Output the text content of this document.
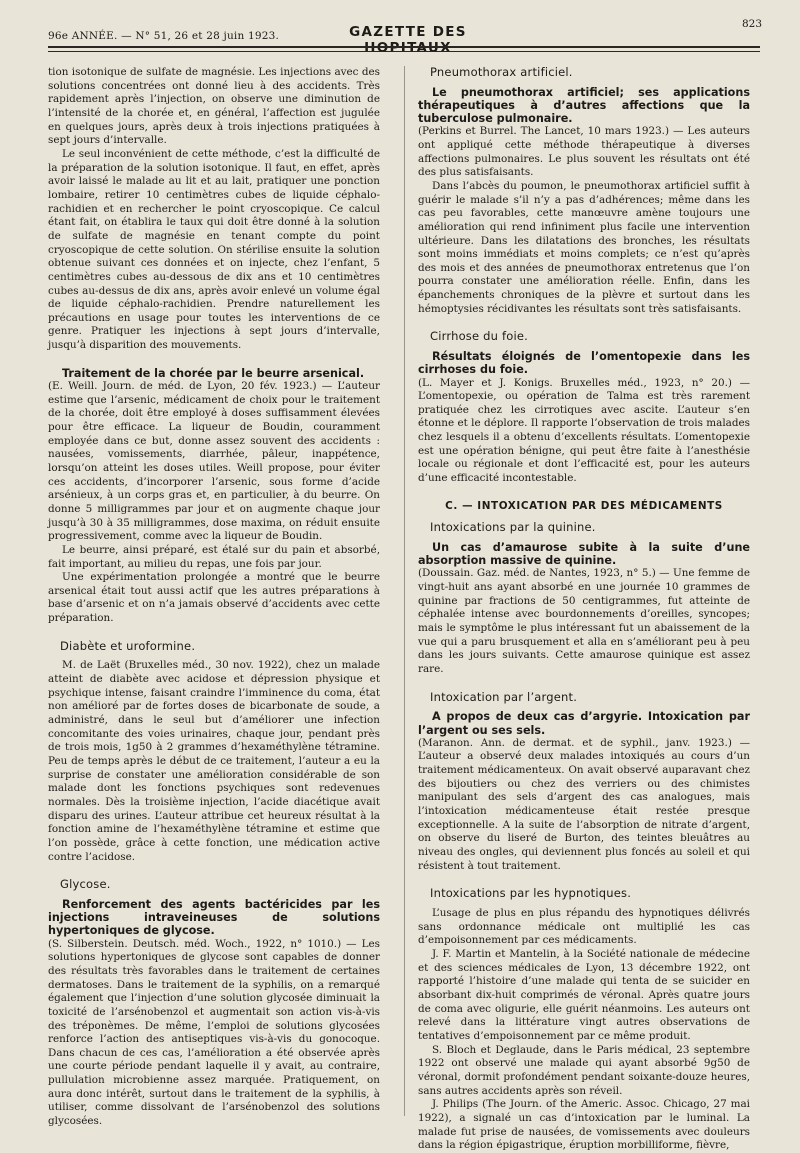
96e ANNÉE. — N° 51, 26 et 28 juin 1923.	GAZETTE DES HOPITAUX
823

tion isotonique de sulfate de magnésie. Les injections avec des solutions concentrées ont donné lieu à des accidents. Très rapidement après l’injection, on observe une diminution de l’intensité de la chorée et, en général, l’affection est jugulée en quelques jours, après deux à trois injections pratiquées à sept jours d’intervalle.

Le seul inconvénient de cette méthode, c’est la difficulté de la préparation de la solution isotonique. Il faut, en effet, après avoir laissé le malade au lit et au lait, pratiquer une ponction lombaire, retirer 10 centimètres cubes de liquide céphalo-rachidien et en rechercher le point cryoscopique. Ce calcul étant fait, on établira le taux qui doit être donné à la solution de sulfate de magnésie en tenant compte du point cryoscopique de cette solution. On stérilise ensuite la solution obtenue suivant ces données et on injecte, chez l’enfant, 5 centimètres cubes au-dessous de dix ans et 10 centimètres cubes au-dessus de dix ans, après avoir enlevé un volume égal de liquide céphalo-rachidien. Prendre naturellement les précautions en usage pour toutes les interventions de ce genre. Pratiquer les injections à sept jours d’intervalle, jusqu’à disparition des mouvements.

Traitement de la chorée par le beurre arsenical.

(E. Weill. Journ. de méd. de Lyon, 20 fév. 1923.) — L’auteur estime que l’arsenic, médicament de choix pour le traitement de la chorée, doit être employé à doses suffisamment élevées pour être efficace. La liqueur de Boudin, couramment employée dans ce but, donne assez souvent des accidents : nausées, vomissements, diarrhée, pâleur, inappétence, lorsqu’on atteint les doses utiles. Weill propose, pour éviter ces accidents, d’incorporer l’arsenic, sous forme d’acide arsénieux, à un corps gras et, en particulier, à du beurre. On donne 5 milligrammes par jour et on augmente chaque jour jusqu’à 30 à 35 milligrammes, dose maxima, on réduit ensuite progressivement, comme avec la liqueur de Boudin.

Le beurre, ainsi préparé, est étalé sur du pain et absorbé, fait important, au milieu du repas, une fois par jour.

Une expérimentation prolongée a montré que le beurre arsenical était tout aussi actif que les autres préparations à base d’arsenic et on n’a jamais observé d’accidents avec cette préparation.

Diabète et uroformine.

M. de Laët (Bruxelles méd., 30 nov. 1922), chez un malade atteint de diabète avec acidose et dépression physique et psychique intense, faisant craindre l’imminence du coma, état non amélioré par de fortes doses de bicarbonate de soude, a administré, dans le seul but d’améliorer une infection concomitante des voies urinaires, chaque jour, pendant près de trois mois, 1g50 à 2 grammes d’hexaméthylène tétramine. Peu de temps après le début de ce traitement, l’auteur a eu la surprise de constater une amélioration considérable de son malade dont les fonctions psychiques sont redevenues normales. Dès la troisième injection, l’acide diacétique avait disparu des urines. L’auteur attribue cet heureux résultat à la fonction amine de l’hexaméthylène tétramine et estime que l’on possède, grâce à cette fonction, une médication active contre l’acidose.

Glycose.

Renforcement des agents bactéricides par les injections intraveineuses de solutions hypertoniques de glycose.

(S. Silberstein. Deutsch. méd. Woch., 1922, n° 1010.) — Les solutions hypertoniques de glycose sont capables de donner des résultats très favorables dans le traitement de certaines dermatoses. Dans le traitement de la syphilis, on a remarqué également que l’injection d’une solution glycosée diminuait la toxicité de l’arsénobenzol et augmentait son action vis-à-vis des tréponèmes. De même, l’emploi de solutions glycosées renforce l’action des antiseptiques vis-à-vis du gonocoque. Dans chacun de ces cas, l’amélioration a été observée après une courte période pendant laquelle il y avait, au contraire, pullulation microbienne assez marquée. Pratiquement, on aura donc intérêt, surtout dans le traitement de la syphilis, à utiliser, comme dissolvant de l’arsénobenzol des solutions glycosées.

Pneumothorax artificiel.

Le pneumothorax artificiel; ses applications thérapeutiques à d’autres affections que la tuberculose pulmonaire.

(Perkins et Burrel. The Lancet, 10 mars 1923.) — Les auteurs ont appliqué cette méthode thérapeutique à diverses affections pulmonaires. Le plus souvent les résultats ont été des plus satisfaisants.

Dans l’abcès du poumon, le pneumothorax artificiel suffit à guérir le malade s’il n’y a pas d’adhérences; même dans les cas peu favorables, cette manœuvre amène toujours une amélioration qui rend infiniment plus facile une intervention ultérieure. Dans les dilatations des bronches, les résultats sont moins immédiats et moins complets; ce n’est qu’après des mois et des années de pneumothorax entretenus que l’on pourra constater une amélioration réelle. Enfin, dans les épanchements chroniques de la plèvre et surtout dans les hémoptysies récidivantes les résultats sont très satisfaisants.

Cirrhose du foie.

Résultats éloignés de l’omentopexie dans les cirrhoses du foie.

(L. Mayer et J. Konigs. Bruxelles méd., 1923, n° 20.) — L’omentopexie, ou opération de Talma est très rarement pratiquée chez les cirrotiques avec ascite. L’auteur s’en étonne et le déplore. Il rapporte l’observation de trois malades chez lesquels il a obtenu d’excellents résultats. L’omentopexie est une opération bénigne, qui peut être faite à l’anesthésie locale ou régionale et dont l’efficacité est, pour les auteurs d’une efficacité incontestable.

C. — INTOXICATION PAR DES MÉDICAMENTS
Intoxications par la quinine.

Un cas d’amaurose subite à la suite d’une absorption massive de quinine.

(Doussain. Gaz. méd. de Nantes, 1923, n° 5.) — Une femme de vingt-huit ans ayant absorbé en une journée 10 grammes de quinine par fractions de 50 centigrammes, fut atteinte de céphalée intense avec bourdonnements d’oreilles, syncopes; mais le symptôme le plus intéressant fut un abaissement de la vue qui a paru brusquement et alla en s’améliorant peu à peu dans les jours suivants. Cette amaurose quinique est assez rare.

Intoxication par l’argent.

A propos de deux cas d’argyrie. Intoxication par l’argent ou ses sels.

(Maranon. Ann. de dermat. et de syphil., janv. 1923.) — L’auteur a observé deux malades intoxiqués au cours d’un traitement médicamenteux. On avait observé auparavant chez des bijoutiers ou chez des verriers ou des chimistes manipulant des sels d’argent des cas analogues, mais l’intoxication médicamenteuse était restée presque exceptionnelle. A la suite de l’absorption de nitrate d’argent, on observe du liseré de Burton, des teintes bleuâtres au niveau des ongles, qui deviennent plus foncés au soleil et qui résistent à tout traitement.

Intoxications par les hypnotiques.

L’usage de plus en plus répandu des hypnotiques délivrés sans ordonnance médicale ont multiplié les cas d’empoisonnement par ces médicaments.

J. F. Martin et Mantelin, à la Société nationale de médecine et des sciences médicales de Lyon, 13 décembre 1922, ont rapporté l’histoire d’une malade qui tenta de se suicider en absorbant dix-huit comprimés de véronal. Après quatre jours de coma avec oligurie, elle guérit néanmoins. Les auteurs ont relevé dans la littérature vingt autres observations de tentatives d’empoisonnement par ce même produit.

S. Bloch et Deglaude, dans le Paris médical, 23 septembre 1922 ont observé une malade qui ayant absorbé 9g50 de véronal, dormit profondément pendant soixante-douze heures, sans autres accidents après son réveil.

J. Philips (The Journ. of the Americ. Assoc. Chicago, 27 mai 1922), a signalé un cas d’intoxication par le luminal. La malade fut prise de nausées, de vomissements avec douleurs dans la région épigastrique, éruption morbilliforme, fièvre,
